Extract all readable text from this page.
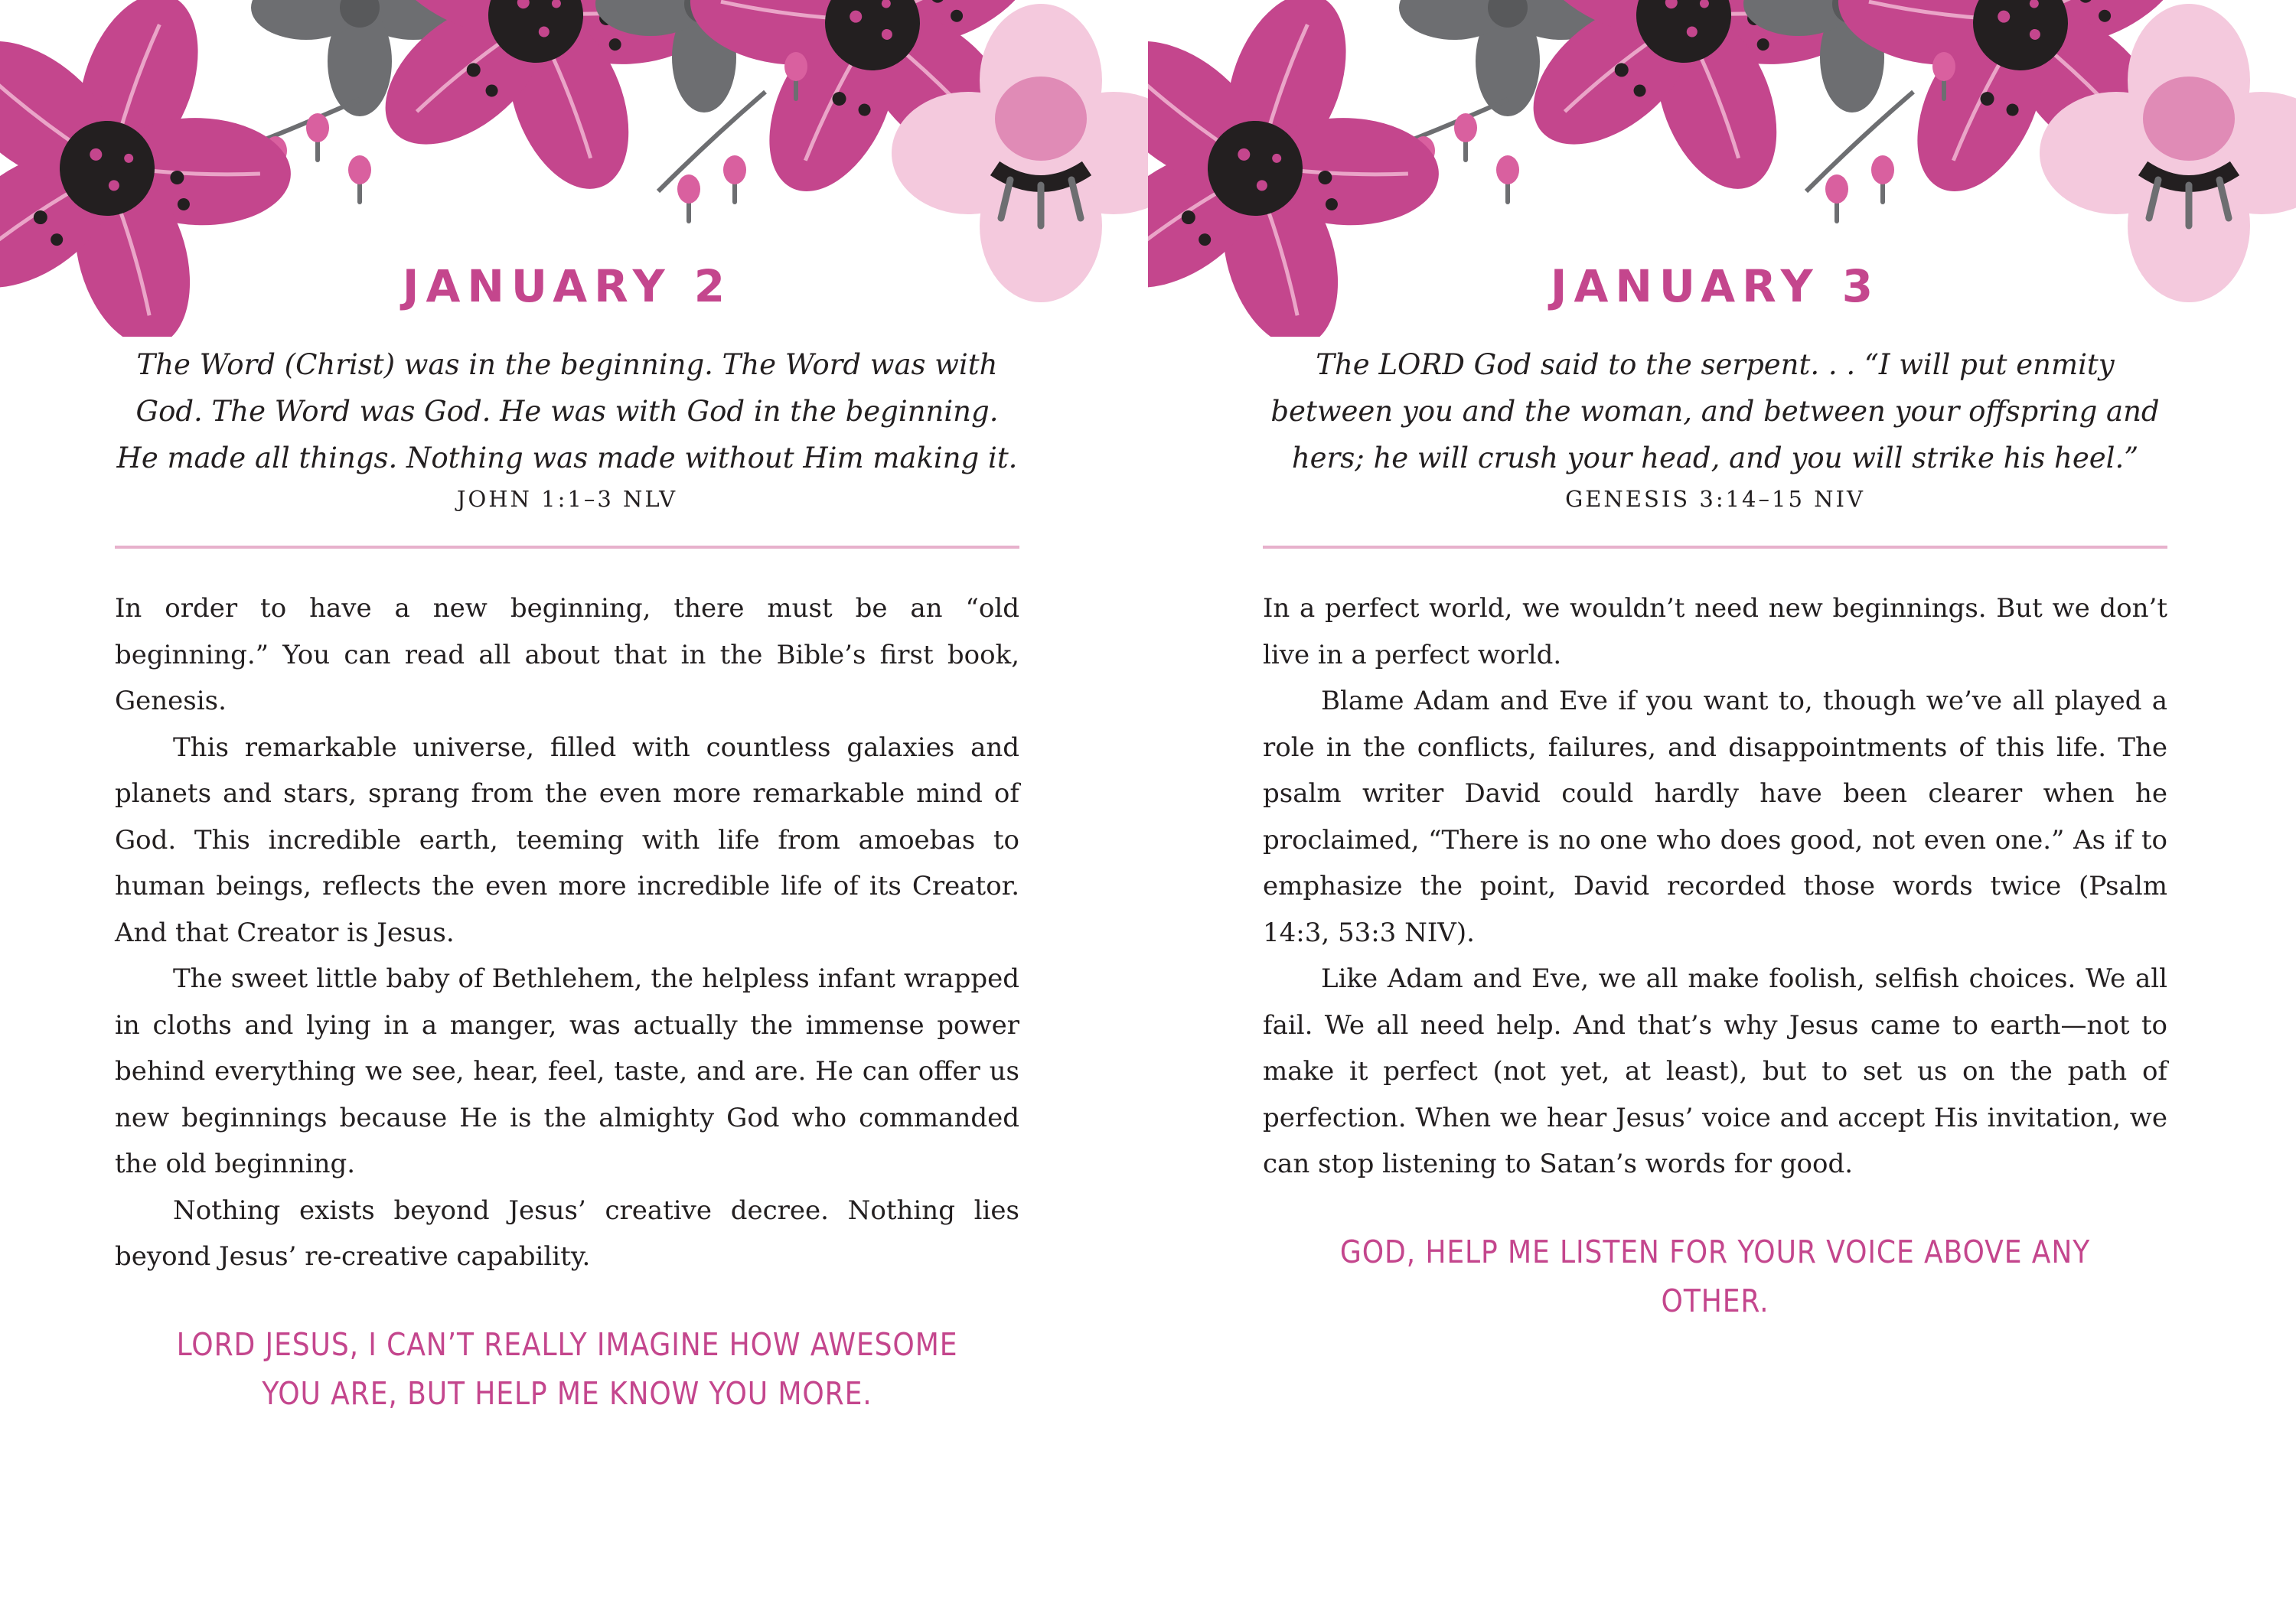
JANUARY 2

The Word (Christ) was in the beginning. The Word was with God. The Word was God. He was with God in the beginning. He made all things. Nothing was made without Him making it.

JOHN 1:1–3 NLV

In order to have a new beginning, there must be an “old beginning.” You can read all about that in the Bible’s first book, Genesis.

This remarkable universe, filled with countless galaxies and planets and stars, sprang from the even more remarkable mind of God. This incredible earth, teeming with life from amoebas to human beings, reflects the even more incredible life of its Creator. And that Creator is Jesus.

The sweet little baby of Bethlehem, the helpless infant wrapped in cloths and lying in a manger, was actually the immense power behind everything we see, hear, feel, taste, and are. He can offer us new beginnings because He is the almighty God who commanded the old beginning.

Nothing exists beyond Jesus’ creative decree. Nothing lies beyond Jesus’ re-creative capability.

LORD JESUS, I CAN’T REALLY IMAGINE HOW AWESOME YOU ARE, BUT HELP ME KNOW YOU MORE.
JANUARY 3

The LORD God said to the serpent. . . “I will put enmity between you and the woman, and between your offspring and hers; he will crush your head, and you will strike his heel.”

GENESIS 3:14–15 NIV

In a perfect world, we wouldn’t need new beginnings. But we don’t live in a perfect world.

Blame Adam and Eve if you want to, though we’ve all played a role in the conflicts, failures, and disappointments of this life. The psalm writer David could hardly have been clearer when he proclaimed, “There is no one who does good, not even one.” As if to emphasize the point, David recorded those words twice (Psalm 14:3, 53:3 NIV).

Like Adam and Eve, we all make foolish, selfish choices. We all fail. We all need help. And that’s why Jesus came to earth—not to make it perfect (not yet, at least), but to set us on the path of perfection. When we hear Jesus’ voice and accept His invitation, we can stop listening to Satan’s words for good.

GOD, HELP ME LISTEN FOR YOUR VOICE ABOVE ANY OTHER.
